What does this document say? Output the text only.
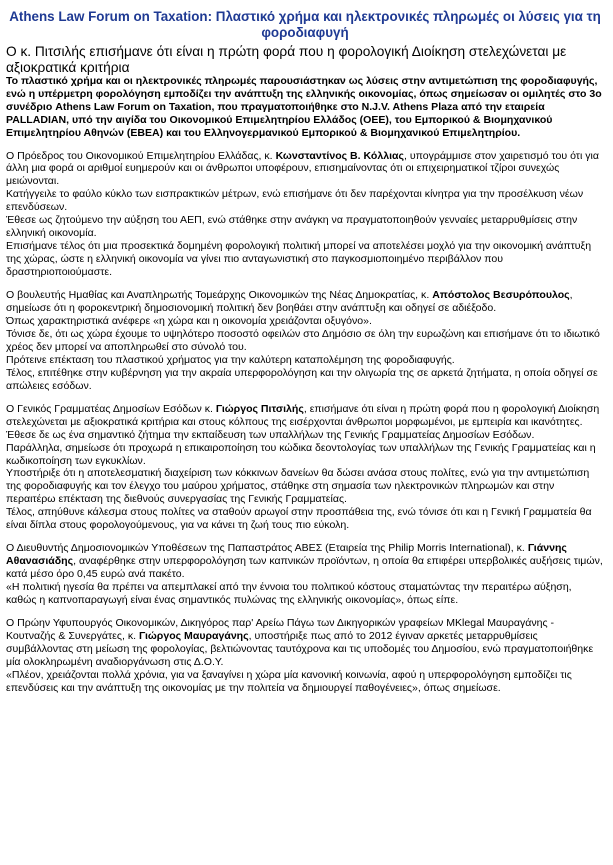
Athens Law Forum on Taxation: Πλαστικό χρήμα και ηλεκτρονικές πληρωμές οι λύσεις για τη φοροδιαφυγή
Ο κ. Πιτσιλής επισήμανε ότι είναι η πρώτη φορά που η φορολογική Διοίκηση στελεχώνεται με αξιοκρατικά κριτήρια
Το πλαστικό χρήμα και οι ηλεκτρονικές πληρωμές παρουσιάστηκαν ως λύσεις στην αντιμετώπιση της φοροδιαφυγής, ενώ η υπέρμετρη φορολόγηση εμποδίζει την ανάπτυξη της ελληνικής οικονομίας, όπως σημείωσαν οι ομιλητές στο 3ο συνέδριο Athens Law Forum on Taxation, που πραγματοποιήθηκε στο N.J.V. Athens Plaza από την εταιρεία PALLADIAN, υπό την αιγίδα του Οικονομικού Επιμελητηρίου Ελλάδος (ΟΕΕ), του Εμπορικού & Βιομηχανικού Επιμελητηρίου Αθηνών (ΕΒΕΑ) και του Ελληνογερμανικού Εμπορικού & Βιομηχανικού Επιμελητηρίου.
Ο Πρόεδρος του Οικονομικού Επιμελητηρίου Ελλάδας, κ. Κωνσταντίνος Β. Κόλλιας, υπογράμμισε στον χαιρετισμό του ότι για άλλη μια φορά οι αριθμοί ευημερούν και οι άνθρωποι υποφέρουν, επισημαίνοντας ότι οι επιχειρηματικοί τζίροι συνεχώς μειώνονται.
Κατήγγειλε το φαύλο κύκλο των εισπρακτικών μέτρων, ενώ επισήμανε ότι δεν παρέχονται κίνητρα για την προσέλκυση νέων επενδύσεων.
Έθεσε ως ζητούμενο την αύξηση του ΑΕΠ, ενώ στάθηκε στην ανάγκη να πραγματοποιηθούν γενναίες μεταρρυθμίσεις στην ελληνική οικονομία.
Επισήμανε τέλος ότι μια προσεκτικά δομημένη φορολογική πολιτική μπορεί να αποτελέσει μοχλό για την οικονομική ανάπτυξη της χώρας, ώστε η ελληνική οικονομία να γίνει πιο ανταγωνιστική στο παγκοσμιοποιημένο περιβάλλον που δραστηριοποιούμαστε.
Ο βουλευτής Ημαθίας και Αναπληρωτής Τομεάρχης Οικονομικών της Νέας Δημοκρατίας, κ. Απόστολος Βεσυρόπουλος, σημείωσε ότι η φοροκεντρική δημοσιονομική πολιτική δεν βοηθάει στην ανάπτυξη και οδηγεί σε αδιέξοδο.
Όπως χαρακτηριστικά ανέφερε «η χώρα και η οικονομία χρειάζονται οξυγόνο».
Τόνισε δε, ότι ως χώρα έχουμε το υψηλότερο ποσοστό οφειλών στο Δημόσιο σε όλη την ευρωζώνη και επισήμανε ότι το ιδιωτικό χρέος δεν μπορεί να αποπληρωθεί στο σύνολό του.
Πρότεινε επέκταση του πλαστικού χρήματος για την καλύτερη καταπολέμηση της φοροδιαφυγής.
Τέλος, επιτέθηκε στην κυβέρνηση για την ακραία υπερφορολόγηση και την ολιγωρία της σε αρκετά ζητήματα, η οποία οδηγεί σε απώλειες εσόδων.
Ο Γενικός Γραμματέας Δημοσίων Εσόδων κ. Γιώργος Πιτσιλής, επισήμανε ότι είναι η πρώτη φορά που η φορολογική Διοίκηση στελεχώνεται με αξιοκρατικά κριτήρια και στους κόλπους της εισέρχονται άνθρωποι μορφωμένοι, με εμπειρία και ικανότητες.
Έθεσε δε ως ένα σημαντικό ζήτημα την εκπαίδευση των υπαλλήλων της Γενικής Γραμματείας Δημοσίων Εσόδων.
Παράλληλα, σημείωσε ότι προχωρά η επικαιροποίηση του κώδικα δεοντολογίας των υπαλλήλων της Γενικής Γραμματείας και η κωδικοποίηση των εγκυκλίων.
Υποστήριξε ότι η αποτελεσματική διαχείριση των κόκκινων δανείων θα δώσει ανάσα στους πολίτες, ενώ για την αντιμετώπιση της φοροδιαφυγής και τον έλεγχο του μαύρου χρήματος, στάθηκε στη σημασία των ηλεκτρονικών πληρωμών και στην περαιτέρω επέκταση της διεθνούς συνεργασίας της Γενικής Γραμματείας.
Τέλος, απηύθυνε κάλεσμα στους πολίτες να σταθούν αρωγοί στην προσπάθεια της, ενώ τόνισε ότι και η Γενική Γραμματεία θα είναι δίπλα στους φορολογούμενους, για να κάνει τη ζωή τους πιο εύκολη.
Ο Διευθυντής Δημοσιονομικών Υποθέσεων της Παπαστράτος ΑΒΕΣ (Εταιρεία της Philip Morris International), κ. Γιάννης Αθανασιάδης, αναφέρθηκε στην υπερφορολόγηση των καπνικών προϊόντων, η οποία θα επιφέρει υπερβολικές αυξήσεις τιμών, κατά μέσο όρο 0,45 ευρώ ανά πακέτο.
«Η πολιτική ηγεσία θα πρέπει να απεμπλακεί από την έννοια του πολιτικού κόστους σταματώντας την περαιτέρω αύξηση, καθώς η καπνοπαραγωγή είναι ένας σημαντικός πυλώνας της ελληνικής οικονομίας», όπως είπε.
Ο Πρώην Υφυπουργός Οικονομικών, Δικηγόρος παρ' Αρείω Πάγω των Δικηγορικών γραφείων MKlegal Μαυραγάνης - Κουτναζής & Συνεργάτες, κ. Γιώργος Μαυραγάνης, υποστήριξε πως από το 2012 έγιναν αρκετές μεταρρυθμίσεις συμβάλλοντας στη μείωση της φορολογίας, βελτιώνοντας ταυτόχρονα και τις υποδομές του Δημοσίου, ενώ πραγματοποιήθηκε μία ολοκληρωμένη αναδιοργάνωση στις Δ.Ο.Υ.
«Πλέον, χρειάζονται πολλά χρόνια, για να ξαναγίνει η χώρα μία κανονική κοινωνία, αφού η υπερφορολόγηση εμποδίζει τις επενδύσεις και την ανάπτυξη της οικονομίας με την πολιτεία να δημιουργεί παθογένειες», όπως σημείωσε.
